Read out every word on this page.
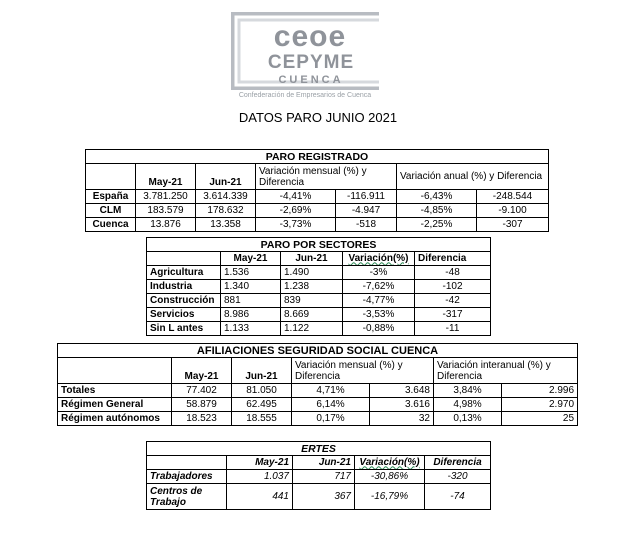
ceoe
CEPYME
CUENCA
Confederación de Empresarios de Cuenca
DATOS PARO JUNIO 2021
PARO REGISTRADO						
	May-21	Jun-21	Variación mensual (%) y Diferencia		Variación anual (%) y Diferencia	
España	3.781.250	3.614.339	-4,41%	-116.911	-6,43%	-248.544
CLM	183.579	178.632	-2,69%	-4.947	-4,85%	-9.100
Cuenca	13.876	13.358	-3,73%	-518	-2,25%	-307
PARO POR SECTORES				
	May-21	Jun-21	Variación(%)	Diferencia
Agricultura	1.536	1.490	-3%	-48
Industria	1.340	1.238	-7,62%	-102
Construcción	881	839	-4,77%	-42
Servicios	8.986	8.669	-3,53%	-317
Sin L antes	1.133	1.122	-0,88%	-11
AFILIACIONES SEGURIDAD SOCIAL CUENCA						
	May-21	Jun-21	Variación mensual (%) y Diferencia		Variación interanual (%) y Diferencia	
Totales	77.402	81.050	4,71%	3.648	3,84%	2.996
Régimen General	58.879	62.495	6,14%	3.616	4,98%	2.970
Régimen autónomos	18.523	18.555	0,17%	32	0,13%	25
ERTES				
	May-21	Jun-21	Variación(%)	Diferencia
Trabajadores	1.037	717	-30,86%	-320
Centros de Trabajo	441	367	-16,79%	-74
